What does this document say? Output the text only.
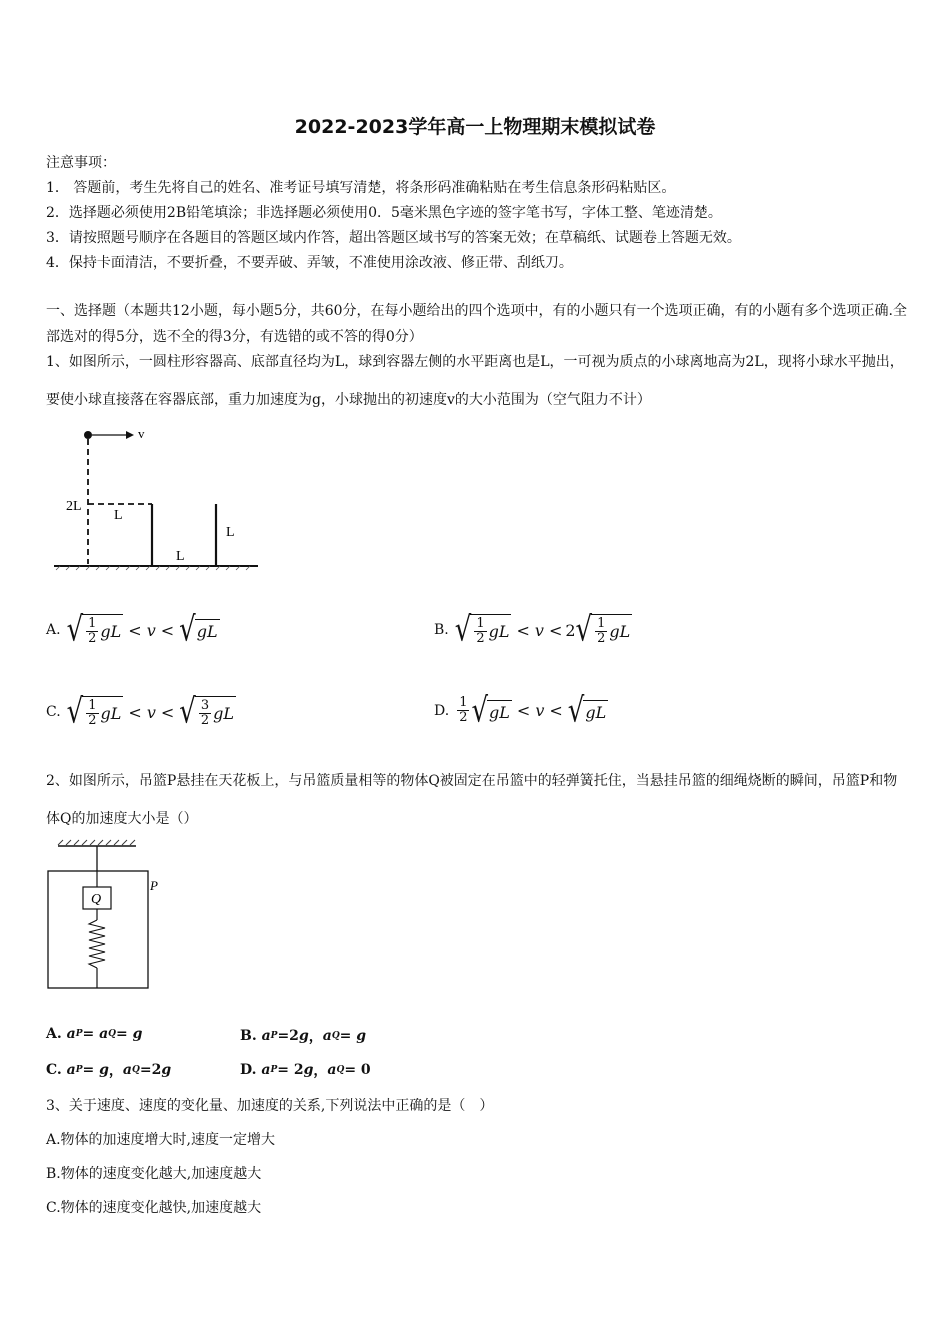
2022-2023学年高一上物理期末模拟试卷
注意事项：
1． 答题前，考生先将自己的姓名、准考证号填写清楚，将条形码准确粘贴在考生信息条形码粘贴区。
2．选择题必须使用2B铅笔填涂；非选择题必须使用0．5毫米黑色字迹的签字笔书写，字体工整、笔迹清楚。
3．请按照题号顺序在各题目的答题区域内作答，超出答题区域书写的答案无效；在草稿纸、试题卷上答题无效。
4．保持卡面清洁，不要折叠，不要弄破、弄皱，不准使用涂改液、修正带、刮纸刀。
一、选择题（本题共12小题，每小题5分，共60分，在每小题给出的四个选项中，有的小题只有一个选项正确，有的小题有多个选项正确.全部选对的得5分，选不全的得3分，有选错的或不答的得0分）
1、如图所示，一圆柱形容器高、底部直径均为L，球到容器左侧的水平距离也是L，一可视为质点的小球离地高为2L，现将小球水平抛出，要使小球直接落在容器底部，重力加速度为g，小球抛出的初速度v的大小范围为（空气阻力不计）
v
2L
L
L
L
A. √ $\frac{1}{2}$ gL < v < √ gL	B. √ $\frac{1}{2}$ gL < v < 2 √ $\frac{1}{2}$ gL
C. √ $\frac{1}{2}$ gL < v < √ $\frac{3}{2}$ gL	D. $\frac{1}{2}$ √ gL < v < √ gL
2、如图所示，吊篮P悬挂在天花板上，与吊篮质量相等的物体Q被固定在吊篮中的轻弹簧托住，当悬挂吊篮的细绳烧断的瞬间，吊篮P和物体Q的加速度大小是（）
Q
P
A. a P = a Q = g	B. a P =2 g ， a Q = g
C. a P = g ， a Q =2 g	D. a P = 2 g ， a Q = 0
3、关于速度、速度的变化量、加速度的关系,下列说法中正确的是（　）
A.物体的加速度增大时,速度一定增大
B.物体的速度变化越大,加速度越大
C.物体的速度变化越快,加速度越大
